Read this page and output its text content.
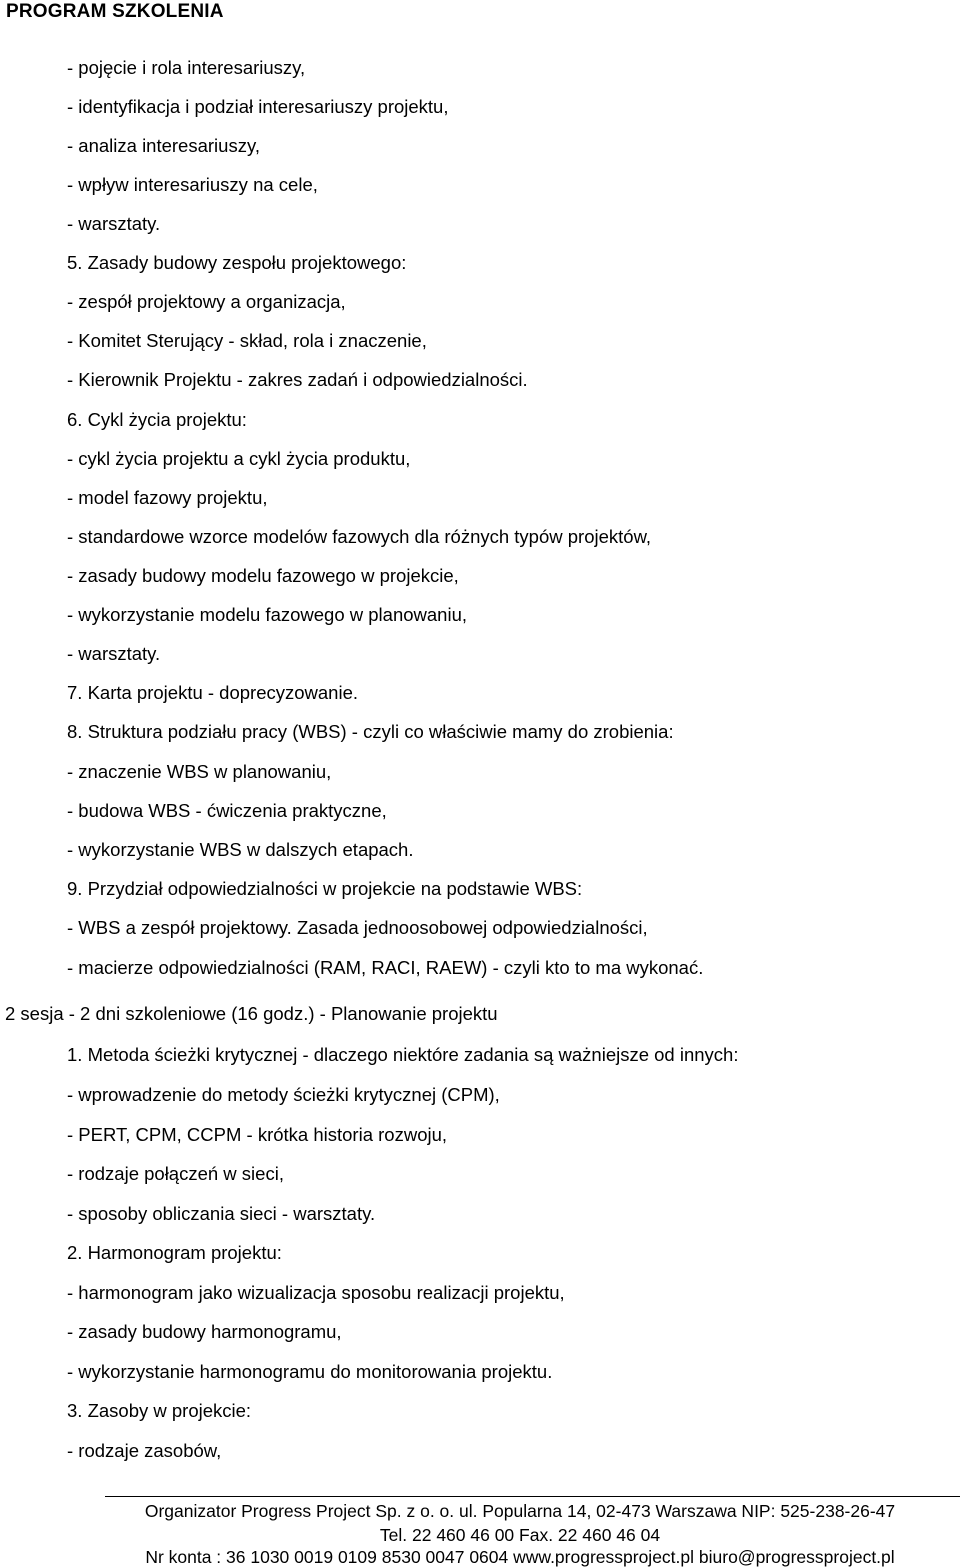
PROGRAM SZKOLENIA
- pojęcie i rola interesariuszy,
- identyfikacja i podział interesariuszy projektu,
- analiza interesariuszy,
- wpływ interesariuszy na cele,
- warsztaty.
5. Zasady budowy zespołu projektowego:
- zespół projektowy a organizacja,
- Komitet Sterujący - skład, rola i znaczenie,
- Kierownik Projektu - zakres zadań i odpowiedzialności.
6. Cykl życia projektu:
- cykl życia projektu a cykl życia produktu,
- model fazowy projektu,
- standardowe wzorce modelów fazowych dla różnych typów projektów,
- zasady budowy modelu fazowego w projekcie,
- wykorzystanie modelu fazowego w planowaniu,
- warsztaty.
7. Karta projektu - doprecyzowanie.
8. Struktura podziału pracy (WBS) - czyli co właściwie mamy do zrobienia:
- znaczenie WBS w planowaniu,
- budowa WBS - ćwiczenia praktyczne,
- wykorzystanie WBS w dalszych etapach.
9. Przydział odpowiedzialności w projekcie na podstawie WBS:
- WBS a zespół projektowy. Zasada jednoosobowej odpowiedzialności,
- macierze odpowiedzialności (RAM, RACI, RAEW) - czyli kto to ma wykonać.
2 sesja - 2 dni szkoleniowe (16 godz.) - Planowanie projektu
1. Metoda ścieżki krytycznej - dlaczego niektóre zadania są ważniejsze od innych:
- wprowadzenie do metody ścieżki krytycznej (CPM),
- PERT, CPM, CCPM - krótka historia rozwoju,
- rodzaje połączeń w sieci,
- sposoby obliczania sieci - warsztaty.
2. Harmonogram projektu:
- harmonogram jako wizualizacja sposobu realizacji projektu,
- zasady budowy harmonogramu,
- wykorzystanie harmonogramu do monitorowania projektu.
3. Zasoby w projekcie:
- rodzaje zasobów,
Organizator Progress Project Sp. z o. o. ul. Popularna 14, 02-473 Warszawa NIP: 525-238-26-47
Tel. 22 460 46 00 Fax. 22 460 46 04
Nr konta : 36 1030 0019 0109 8530 0047 0604 www.progressproject.pl biuro@progressproject.pl
